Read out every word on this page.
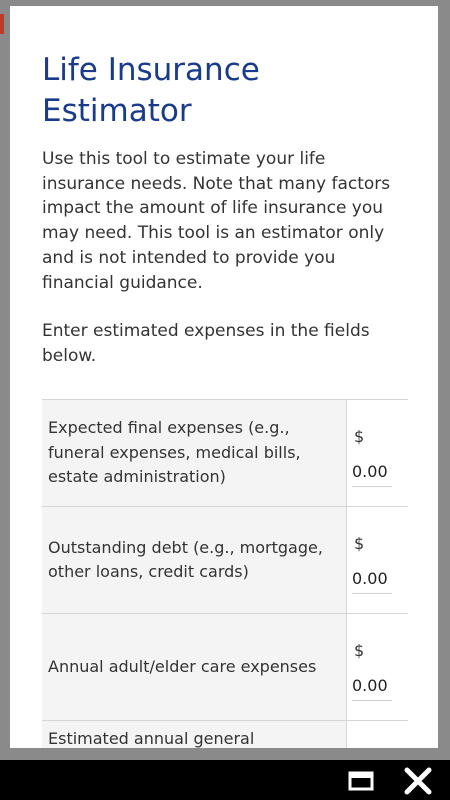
Life Insurance Estimator

Use this tool to estimate your life insurance needs. Note that many factors impact the amount of life insurance you may need. This tool is an estimator only and is not intended to provide you financial guidance.

Enter estimated expenses in the fields below.

Expected final expenses (e.g., funeral expenses, medical bills, estate administration)
$
0.00
Outstanding debt (e.g., mortgage, other loans, credit cards)
$
0.00
Annual adult/elder care expenses
$
0.00
Estimated annual general
